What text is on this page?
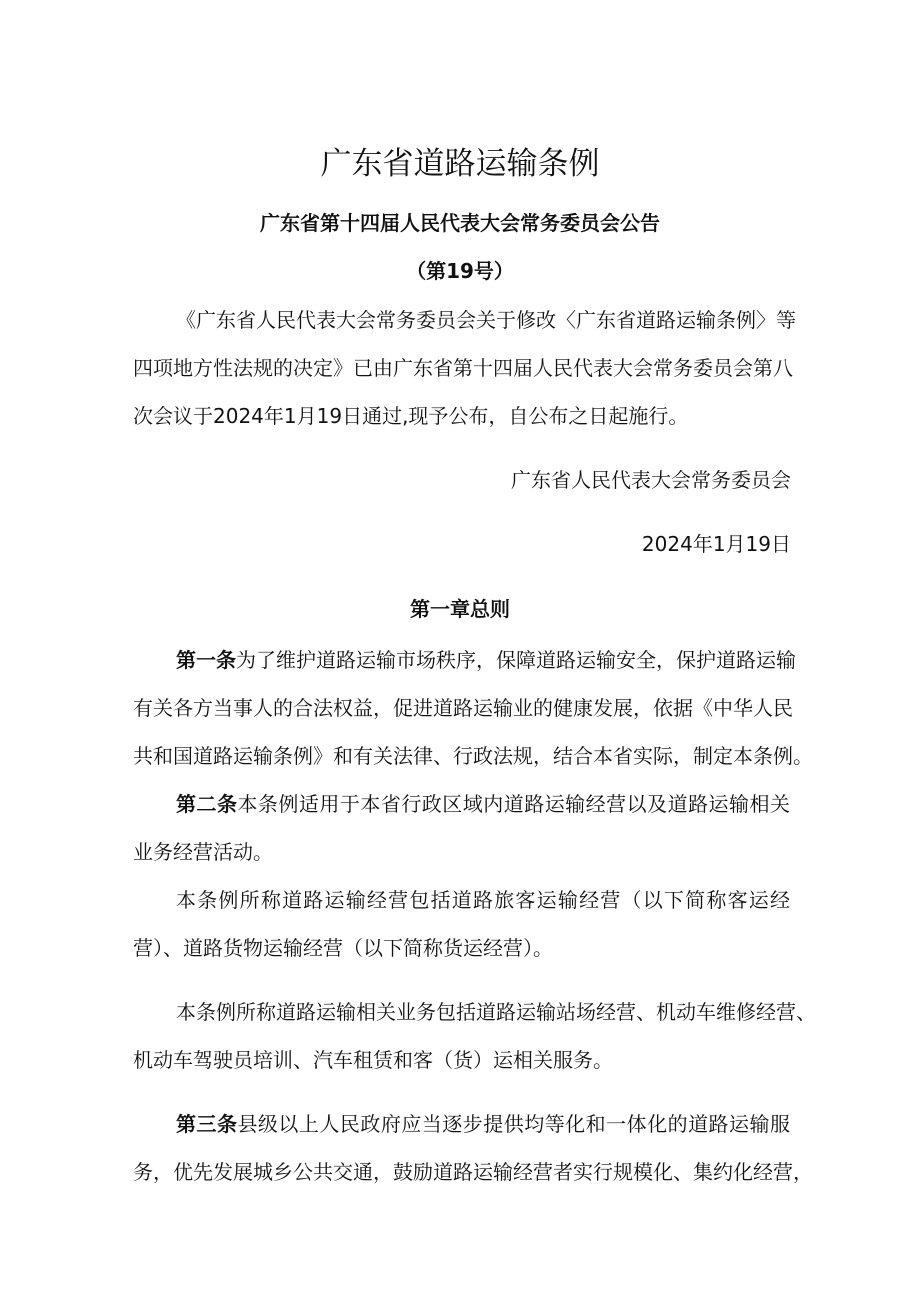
广东省道路运输条例
广东省第十四届人民代表大会常务委员会公告
（第19号）
《广东省人民代表大会常务委员会关于修改〈广东省道路运输条例〉等
四项地方性法规的决定》已由广东省第十四届人民代表大会常务委员会第八
次会议于2024年1月19日通过,现予公布，自公布之日起施行。
广东省人民代表大会常务委员会
2024年1月19日
第一章总则
第一条为了维护道路运输市场秩序，保障道路运输安全，保护道路运输
有关各方当事人的合法权益，促进道路运输业的健康发展，依据《中华人民
共和国道路运输条例》和有关法律、行政法规，结合本省实际，制定本条例。
第二条本条例适用于本省行政区域内道路运输经营以及道路运输相关
业务经营活动。
本条例所称道路运输经营包括道路旅客运输经营（以下简称客运经
营）、道路货物运输经营（以下简称货运经营）。
本条例所称道路运输相关业务包括道路运输站场经营、机动车维修经营、
机动车驾驶员培训、汽车租赁和客（货）运相关服务。
第三条县级以上人民政府应当逐步提供均等化和一体化的道路运输服
务，优先发展城乡公共交通，鼓励道路运输经营者实行规模化、集约化经营，
